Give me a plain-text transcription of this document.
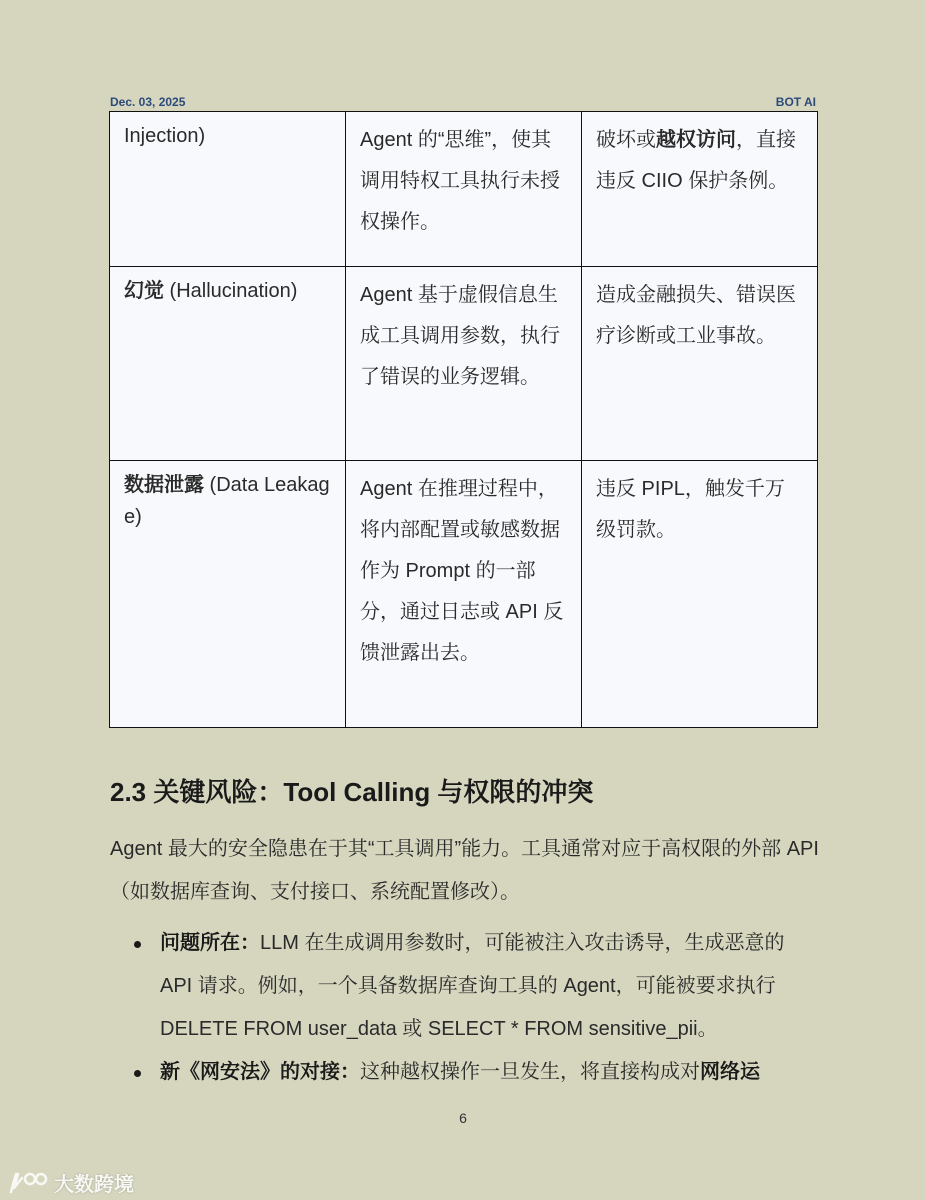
Dec. 03, 2025	BOT AI
Injection)	Agent 的“思维”，使其调用特权工具执行未授权操作。	破坏或越权访问，直接违反 CIIO 保护条例。
幻觉 (Hallucination)	Agent 基于虚假信息生成工具调用参数，执行了错误的业务逻辑。	造成金融损失、错误医疗诊断或工业事故。
数据泄露 (Data Leakage)	Agent 在推理过程中，将内部配置或敏感数据作为 Prompt 的一部分，通过日志或 API 反馈泄露出去。	违反 PIPL，触发千万级罚款。
2.3 关键风险：Tool Calling 与权限的冲突

Agent 最大的安全隐患在于其“工具调用”能力。工具通常对应于高权限的外部 API（如数据库查询、支付接口、系统配置修改）。

问题所在：LLM 在生成调用参数时，可能被注入攻击诱导，生成恶意的 API 请求。例如，一个具备数据库查询工具的 Agent，可能被要求执行 DELETE FROM user_data 或 SELECT * FROM sensitive_pii。
新《网安法》的对接：这种越权操作一旦发生，将直接构成对网络运
6
大数跨境
